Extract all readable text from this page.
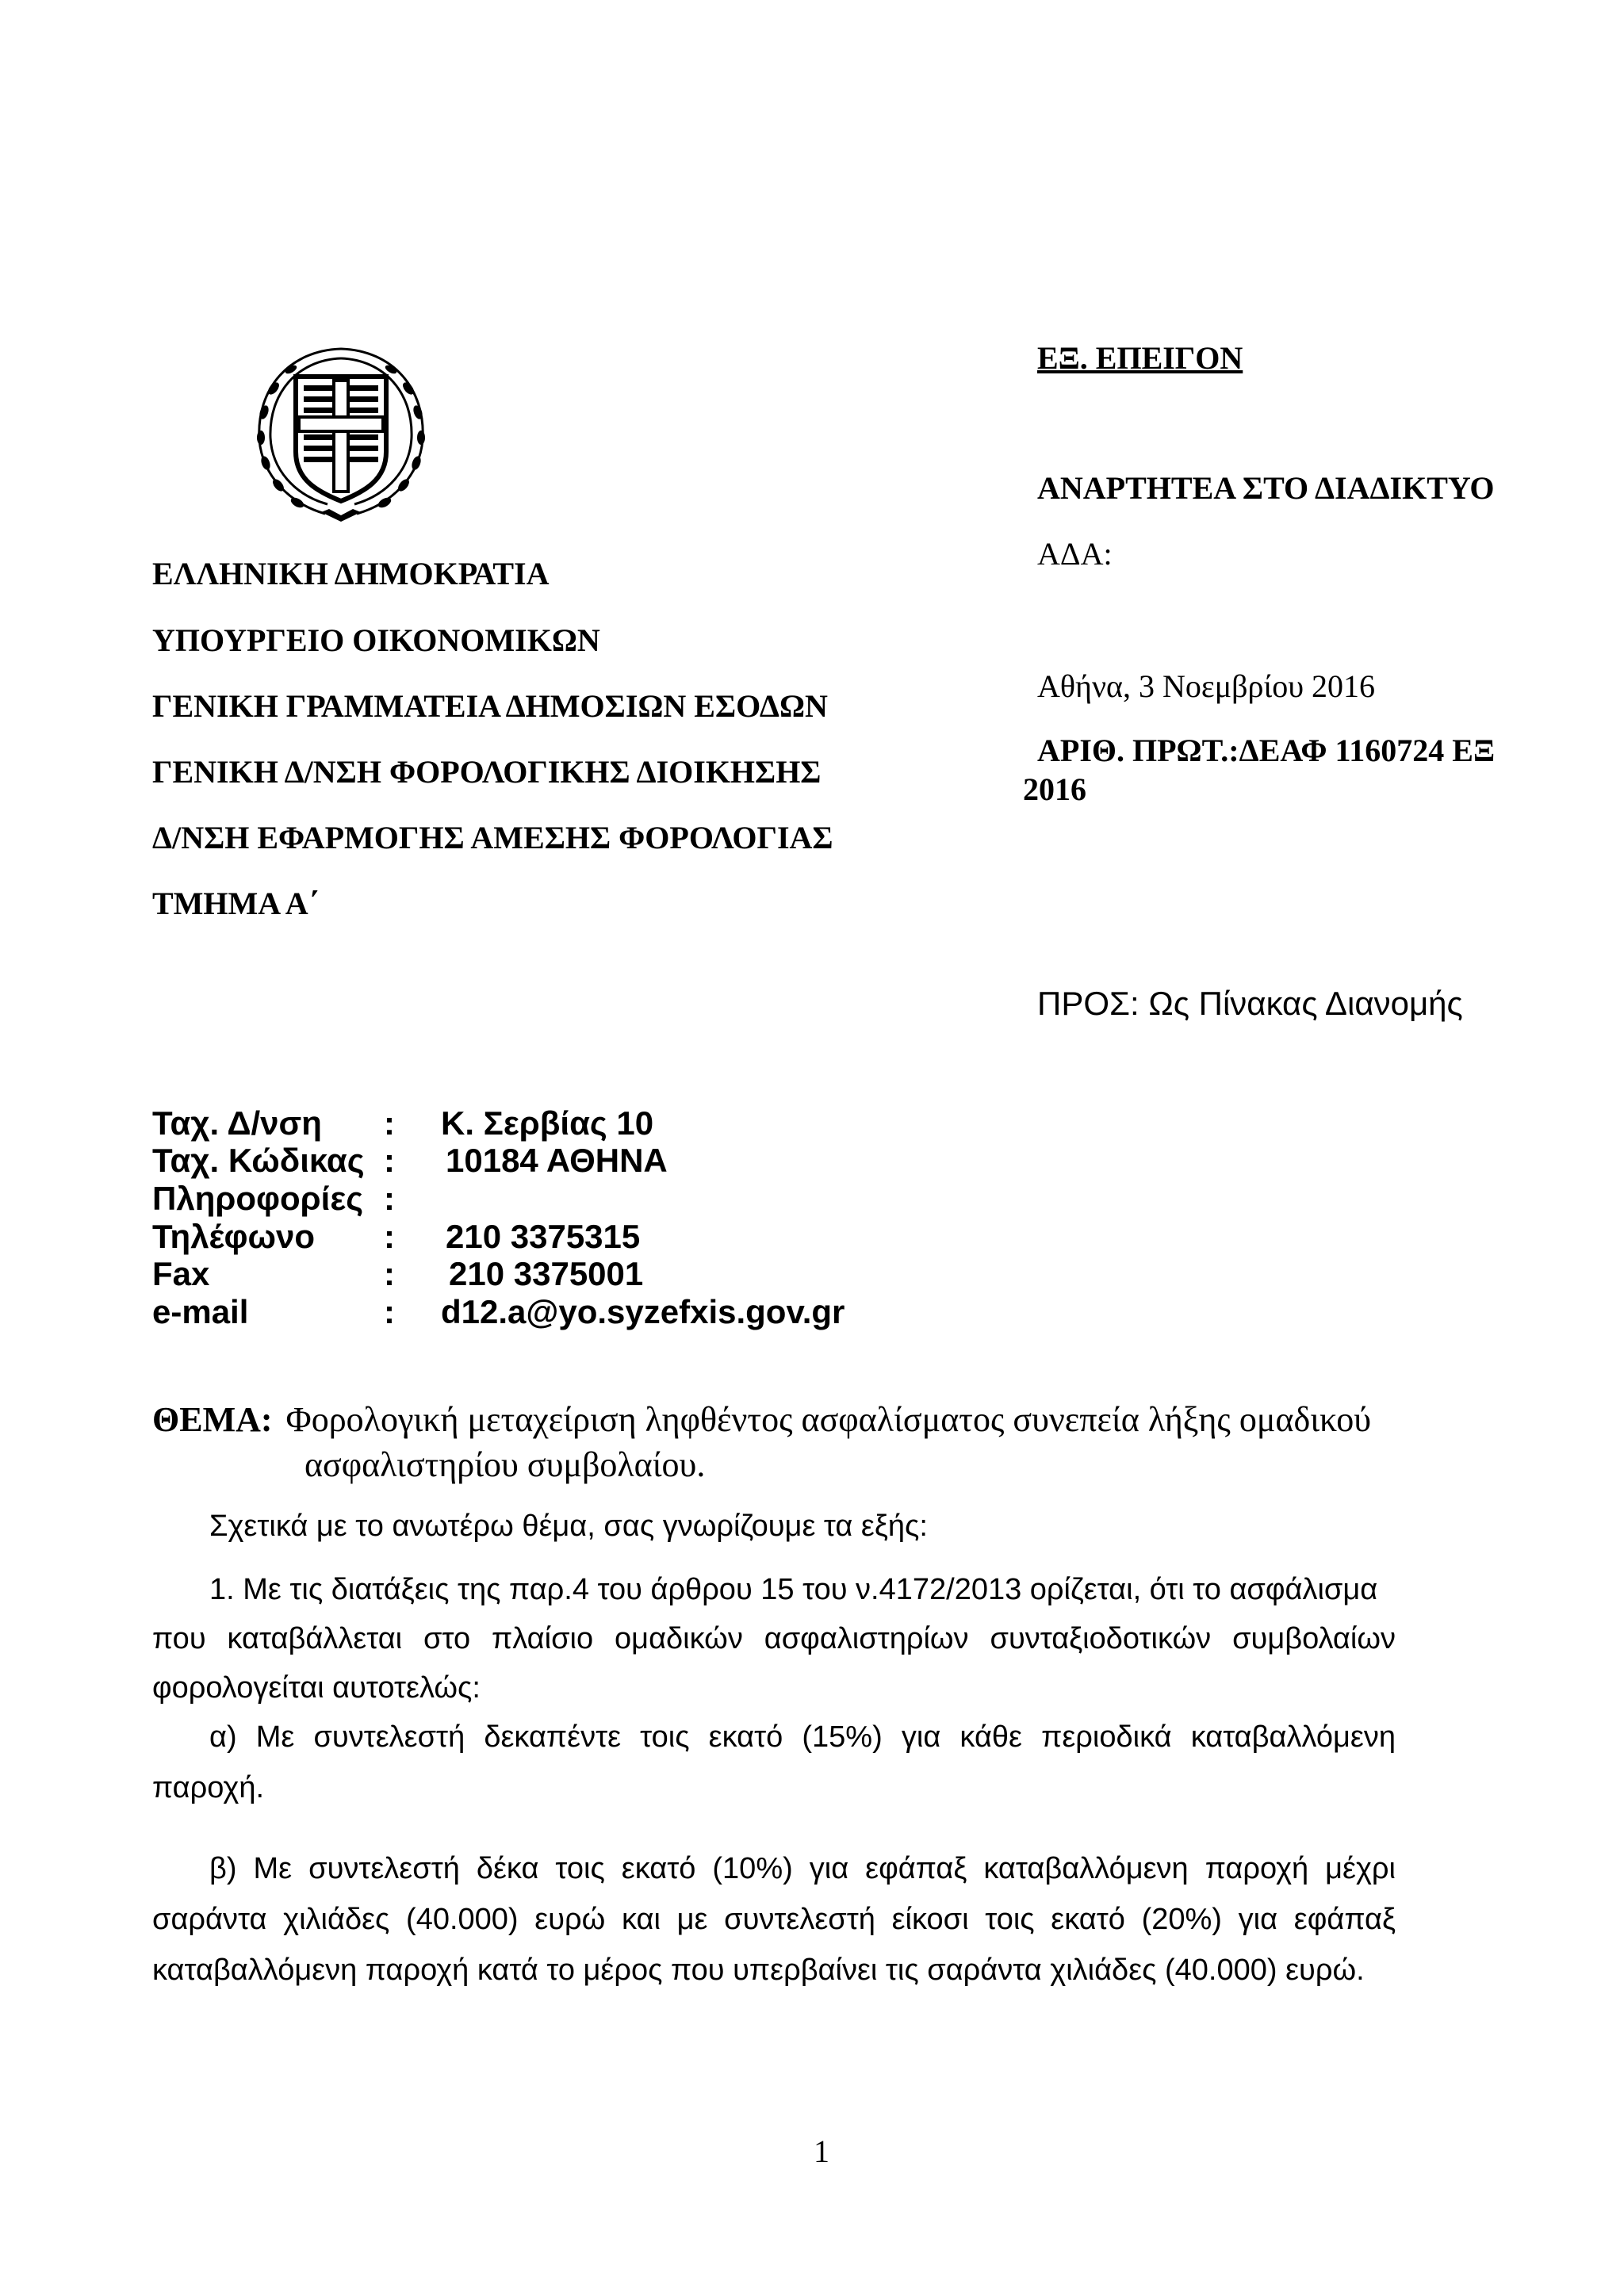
ΕΞ. ΕΠΕΙΓΟΝ
ΑΝΑΡΤΗΤΕΑ ΣΤΟ ΔΙΑΔΙΚΤΥΟ
ΑΔΑ:
Αθήνα, 3 Νοεμβρίου 2016
ΑΡΙΘ. ΠΡΩΤ.:ΔΕΑΦ 1160724 ΕΞ
2016
ΕΛΛΗΝΙΚΗ ΔΗΜΟΚΡΑΤΙΑ
ΥΠΟΥΡΓΕΙΟ ΟΙΚΟΝΟΜΙΚΩΝ
ΓΕΝΙΚΗ ΓΡΑΜΜΑΤΕΙΑ ΔΗΜΟΣΙΩΝ ΕΣΟΔΩΝ
ΓΕΝΙΚΗ Δ/ΝΣΗ ΦΟΡΟΛΟΓΙΚΗΣ ΔΙΟΙΚΗΣΗΣ
Δ/ΝΣΗ ΕΦΑΡΜΟΓΗΣ ΑΜΕΣΗΣ ΦΟΡΟΛΟΓΙΑΣ
ΤΜΗΜΑ Α΄
ΠΡΟΣ: Ως Πίνακας Διανομής
Ταχ. Δ/νση : Κ. Σερβίας 10
Ταχ. Κώδικας : 10184 ΑΘΗΝΑ
Πληροφορίες :
Τηλέφωνο : 210 3375315
Fax	: 210 3375001
e-mail	: d12.a@yo.syzefxis.gov.gr
ΘΕΜΑ: Φορολογική μεταχείριση ληφθέντος ασφαλίσματος συνεπεία λήξης ομαδικού
ασφαλιστηρίου συμβολαίου.
Σχετικά με το ανωτέρω θέμα, σας γνωρίζουμε τα εξής:
1. Με τις διατάξεις της παρ.4 του άρθρου 15 του ν.4172/2013 ορίζεται, ότι το ασφάλισμα
που καταβάλλεται στο πλαίσιο ομαδικών ασφαλιστηρίων συνταξιοδοτικών συμβολαίων
φορολογείται αυτοτελώς:
α) Με συντελεστή δεκαπέντε τοις εκατό (15%) για κάθε περιοδικά καταβαλλόμενη
παροχή.
β) Με συντελεστή δέκα τοις εκατό (10%) για εφάπαξ καταβαλλόμενη παροχή μέχρι
σαράντα χιλιάδες (40.000) ευρώ και με συντελεστή είκοσι τοις εκατό (20%) για εφάπαξ
καταβαλλόμενη παροχή κατά το μέρος που υπερβαίνει τις σαράντα χιλιάδες (40.000) ευρώ.
1
